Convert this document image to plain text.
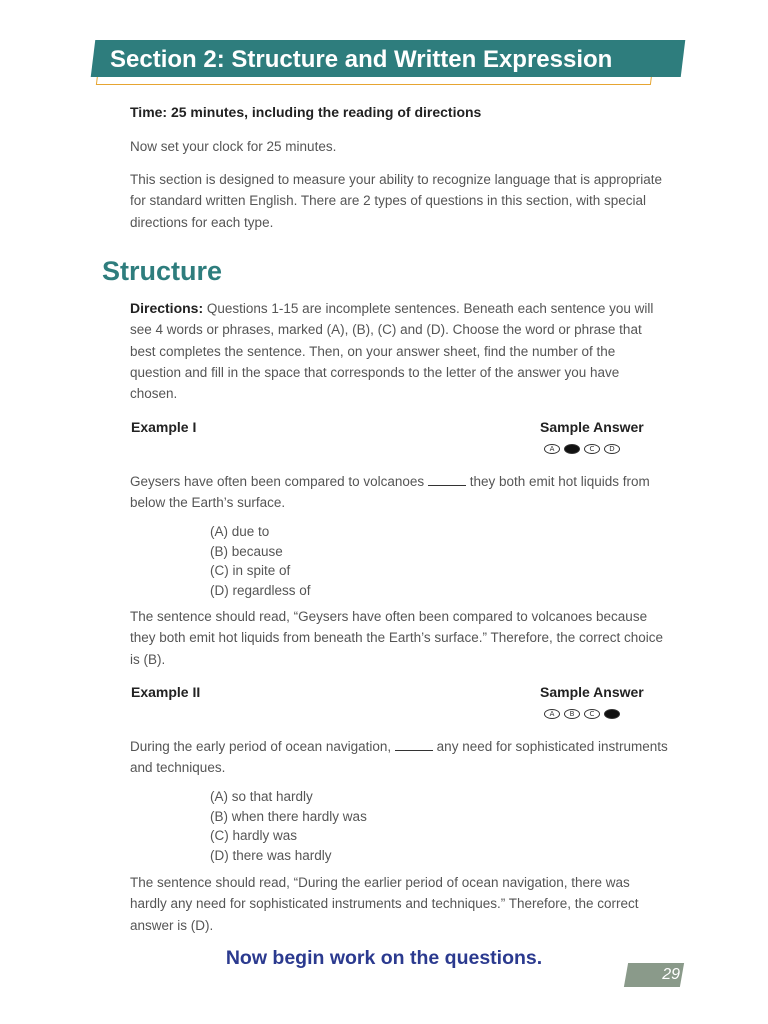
Section 2: Structure and Written Expression
Time: 25 minutes, including the reading of directions
Now set your clock for 25 minutes.
This section is designed to measure your ability to recognize language that is appropriate for standard written English. There are 2 types of questions in this section, with special directions for each type.
Structure
Directions: Questions 1-15 are incomplete sentences. Beneath each sentence you will see 4 words or phrases, marked (A), (B), (C) and (D). Choose the word or phrase that best completes the sentence. Then, on your answer sheet, find the number of the question and fill in the space that corresponds to the letter of the answer you have chosen.
Example I	Sample Answer
A	C	D
Geysers have often been compared to volcanoes	they both emit hot liquids from below the Earth’s surface.
(A) due to
(B) because
(C) in spite of
(D) regardless of
The sentence should read, “Geysers have often been compared to volcanoes because they both emit hot liquids from beneath the Earth’s surface.” Therefore, the correct choice is (B).
Example II	Sample Answer
A	B	C
During the early period of ocean navigation,	any need for sophisticated instruments and techniques.
(A) so that hardly
(B) when there hardly was
(C) hardly was
(D) there was hardly
The sentence should read, “During the earlier period of ocean navigation, there was hardly any need for sophisticated instruments and techniques.” Therefore, the correct answer is (D).
Now begin work on the questions.
29
